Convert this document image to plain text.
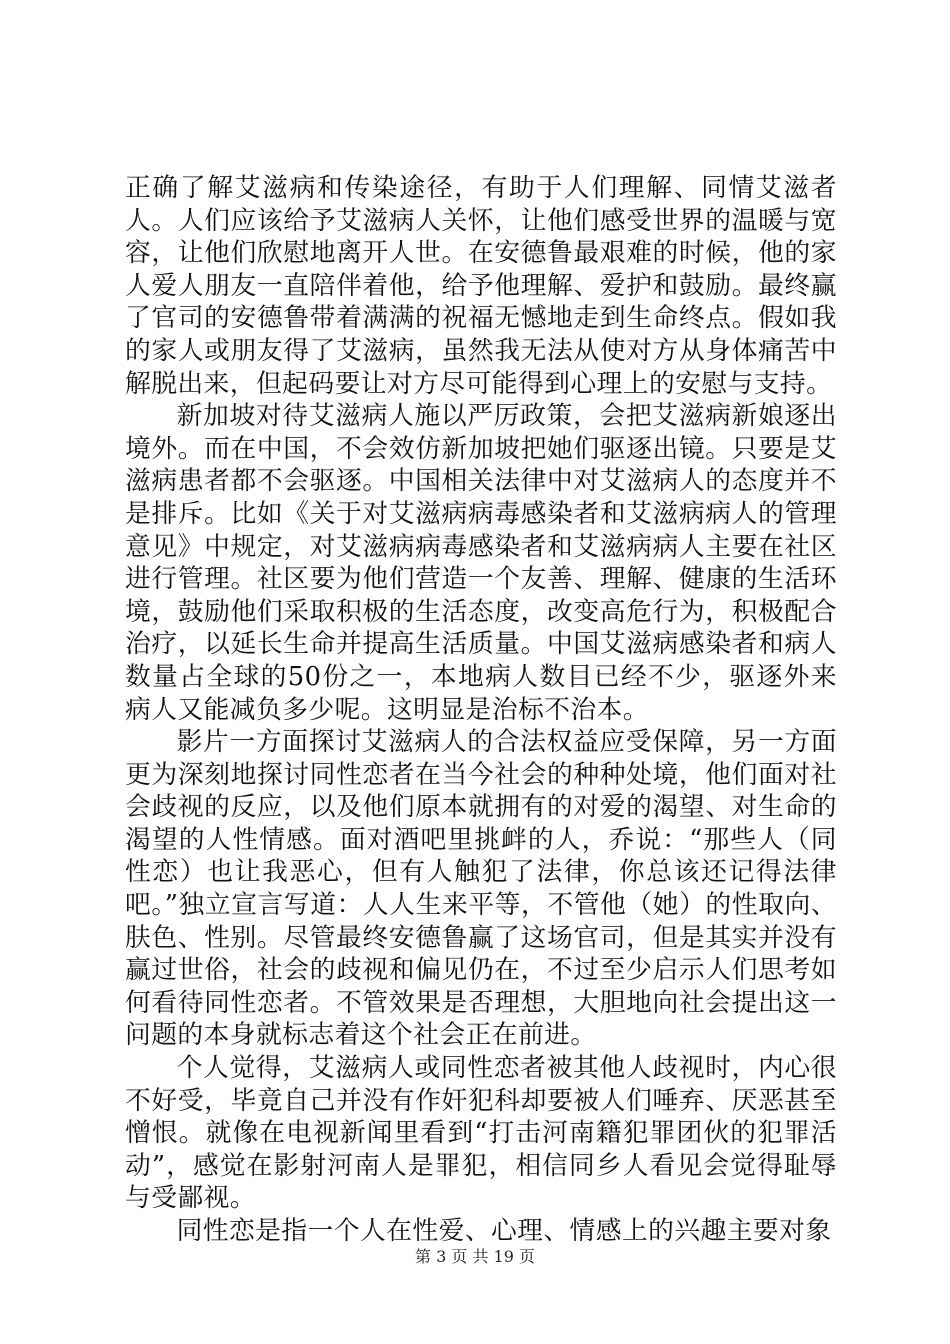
正确了解艾滋病和传染途径，有助于人们理解、同情艾滋者人。人们应该给予艾滋病人关怀，让他们感受世界的温暖与宽容，让他们欣慰地离开人世。在安德鲁最艰难的时候，他的家人爱人朋友一直陪伴着他，给予他理解、爱护和鼓励。最终赢了官司的安德鲁带着满满的祝福无憾地走到生命终点。假如我的家人或朋友得了艾滋病，虽然我无法从使对方从身体痛苦中解脱出来，但起码要让对方尽可能得到心理上的安慰与支持。

新加坡对待艾滋病人施以严厉政策，会把艾滋病新娘逐出境外。而在中国，不会效仿新加坡把她们驱逐出镜。只要是艾滋病患者都不会驱逐。中国相关法律中对艾滋病人的态度并不是排斥。比如《关于对艾滋病病毒感染者和艾滋病病人的管理意见》中规定，对艾滋病病毒感染者和艾滋病病人主要在社区进行管理。社区要为他们营造一个友善、理解、健康的生活环境，鼓励他们采取积极的生活态度，改变高危行为，积极配合治疗，以延长生命并提高生活质量。中国艾滋病感染者和病人数量占全球的50份之一，本地病人数目已经不少，驱逐外来病人又能减负多少呢。这明显是治标不治本。

影片一方面探讨艾滋病人的合法权益应受保障，另一方面更为深刻地探讨同性恋者在当今社会的种种处境，他们面对社会歧视的反应，以及他们原本就拥有的对爱的渴望、对生命的渴望的人性情感。面对酒吧里挑衅的人，乔说：“那些人（同性恋）也让我恶心，但有人触犯了法律，你总该还记得法律吧。”独立宣言写道：人人生来平等，不管他（她）的性取向、肤色、性别。尽管最终安德鲁赢了这场官司，但是其实并没有赢过世俗，社会的歧视和偏见仍在，不过至少启示人们思考如何看待同性恋者。不管效果是否理想，大胆地向社会提出这一问题的本身就标志着这个社会正在前进。

个人觉得，艾滋病人或同性恋者被其他人歧视时，内心很不好受，毕竟自己并没有作奸犯科却要被人们唾弃、厌恶甚至憎恨。就像在电视新闻里看到“打击河南籍犯罪团伙的犯罪活动”，感觉在影射河南人是罪犯，相信同乡人看见会觉得耻辱与受鄙视。

同性恋是指一个人在性爱、心理、情感上的兴趣主要对象

第 3 页 共 19 页
